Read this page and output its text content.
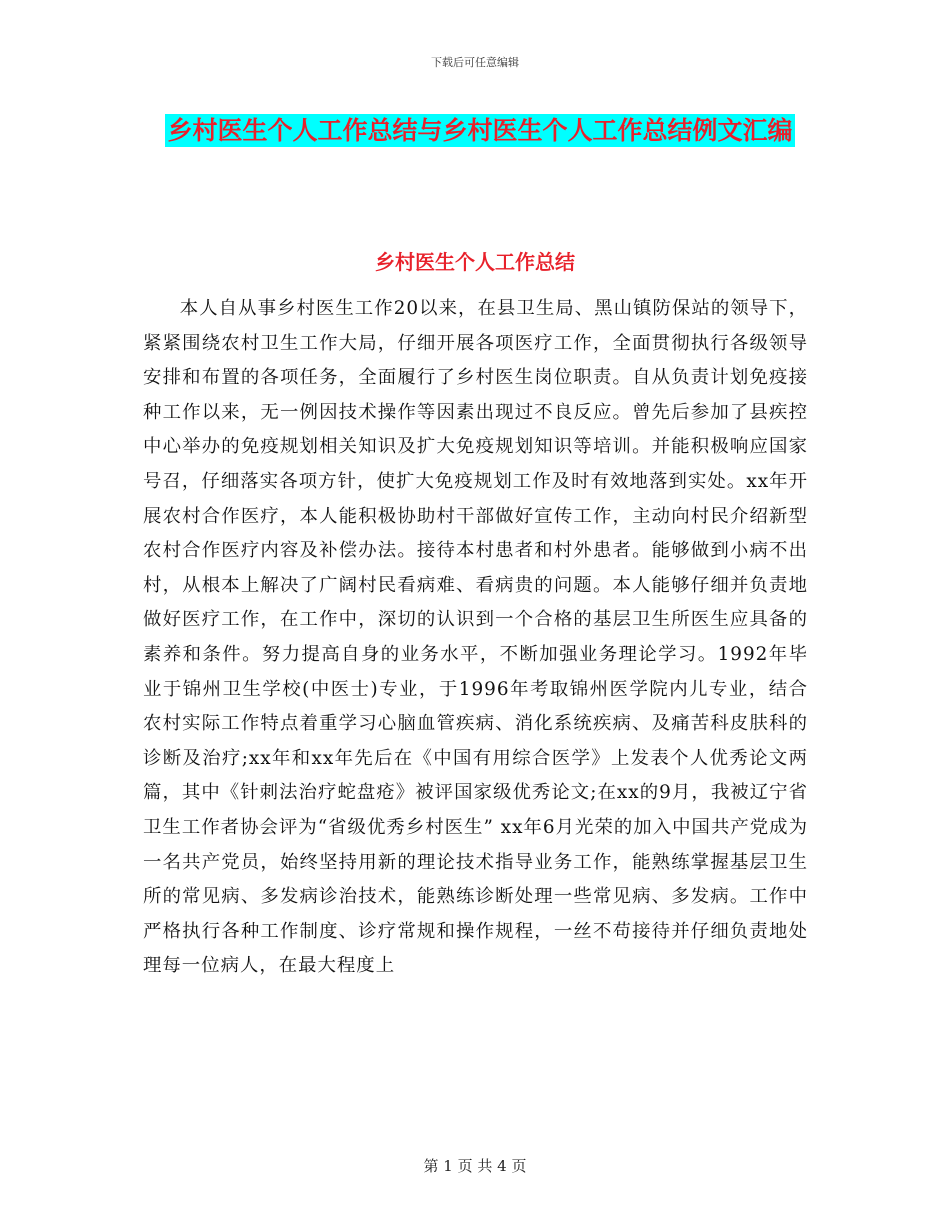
下载后可任意编辑
乡村医生个人工作总结与乡村医生个人工作总结例文汇编
乡村医生个人工作总结

本人自从事乡村医生工作20以来，在县卫生局、黑山镇防保站的领导下，紧紧围绕农村卫生工作大局，仔细开展各项医疗工作，全面贯彻执行各级领导安排和布置的各项任务，全面履行了乡村医生岗位职责。自从负责计划免疫接种工作以来，无一例因技术操作等因素出现过不良反应。曾先后参加了县疾控中心举办的免疫规划相关知识及扩大免疫规划知识等培训。并能积极响应国家号召，仔细落实各项方针，使扩大免疫规划工作及时有效地落到实处。xx年开展农村合作医疗，本人能积极协助村干部做好宣传工作，主动向村民介绍新型农村合作医疗内容及补偿办法。接待本村患者和村外患者。能够做到小病不出村，从根本上解决了广阔村民看病难、看病贵的问题。本人能够仔细并负责地做好医疗工作，在工作中，深切的认识到一个合格的基层卫生所医生应具备的素养和条件。努力提高自身的业务水平，不断加强业务理论学习。1992年毕业于锦州卫生学校(中医士)专业，于1996年考取锦州医学院内儿专业，结合农村实际工作特点着重学习心脑血管疾病、消化系统疾病、及痛苦科皮肤科的诊断及治疗;xx年和xx年先后在《中国有用综合医学》上发表个人优秀论文两篇，其中《针刺法治疗蛇盘疮》被评国家级优秀论文;在xx的9月，我被辽宁省卫生工作者协会评为“省级优秀乡村医生” xx年6月光荣的加入中国共产党成为一名共产党员，始终坚持用新的理论技术指导业务工作，能熟练掌握基层卫生所的常见病、多发病诊治技术，能熟练诊断处理一些常见病、多发病。工作中严格执行各种工作制度、诊疗常规和操作规程，一丝不苟接待并仔细负责地处理每一位病人，在最大程度上

第 1 页 共 4 页
